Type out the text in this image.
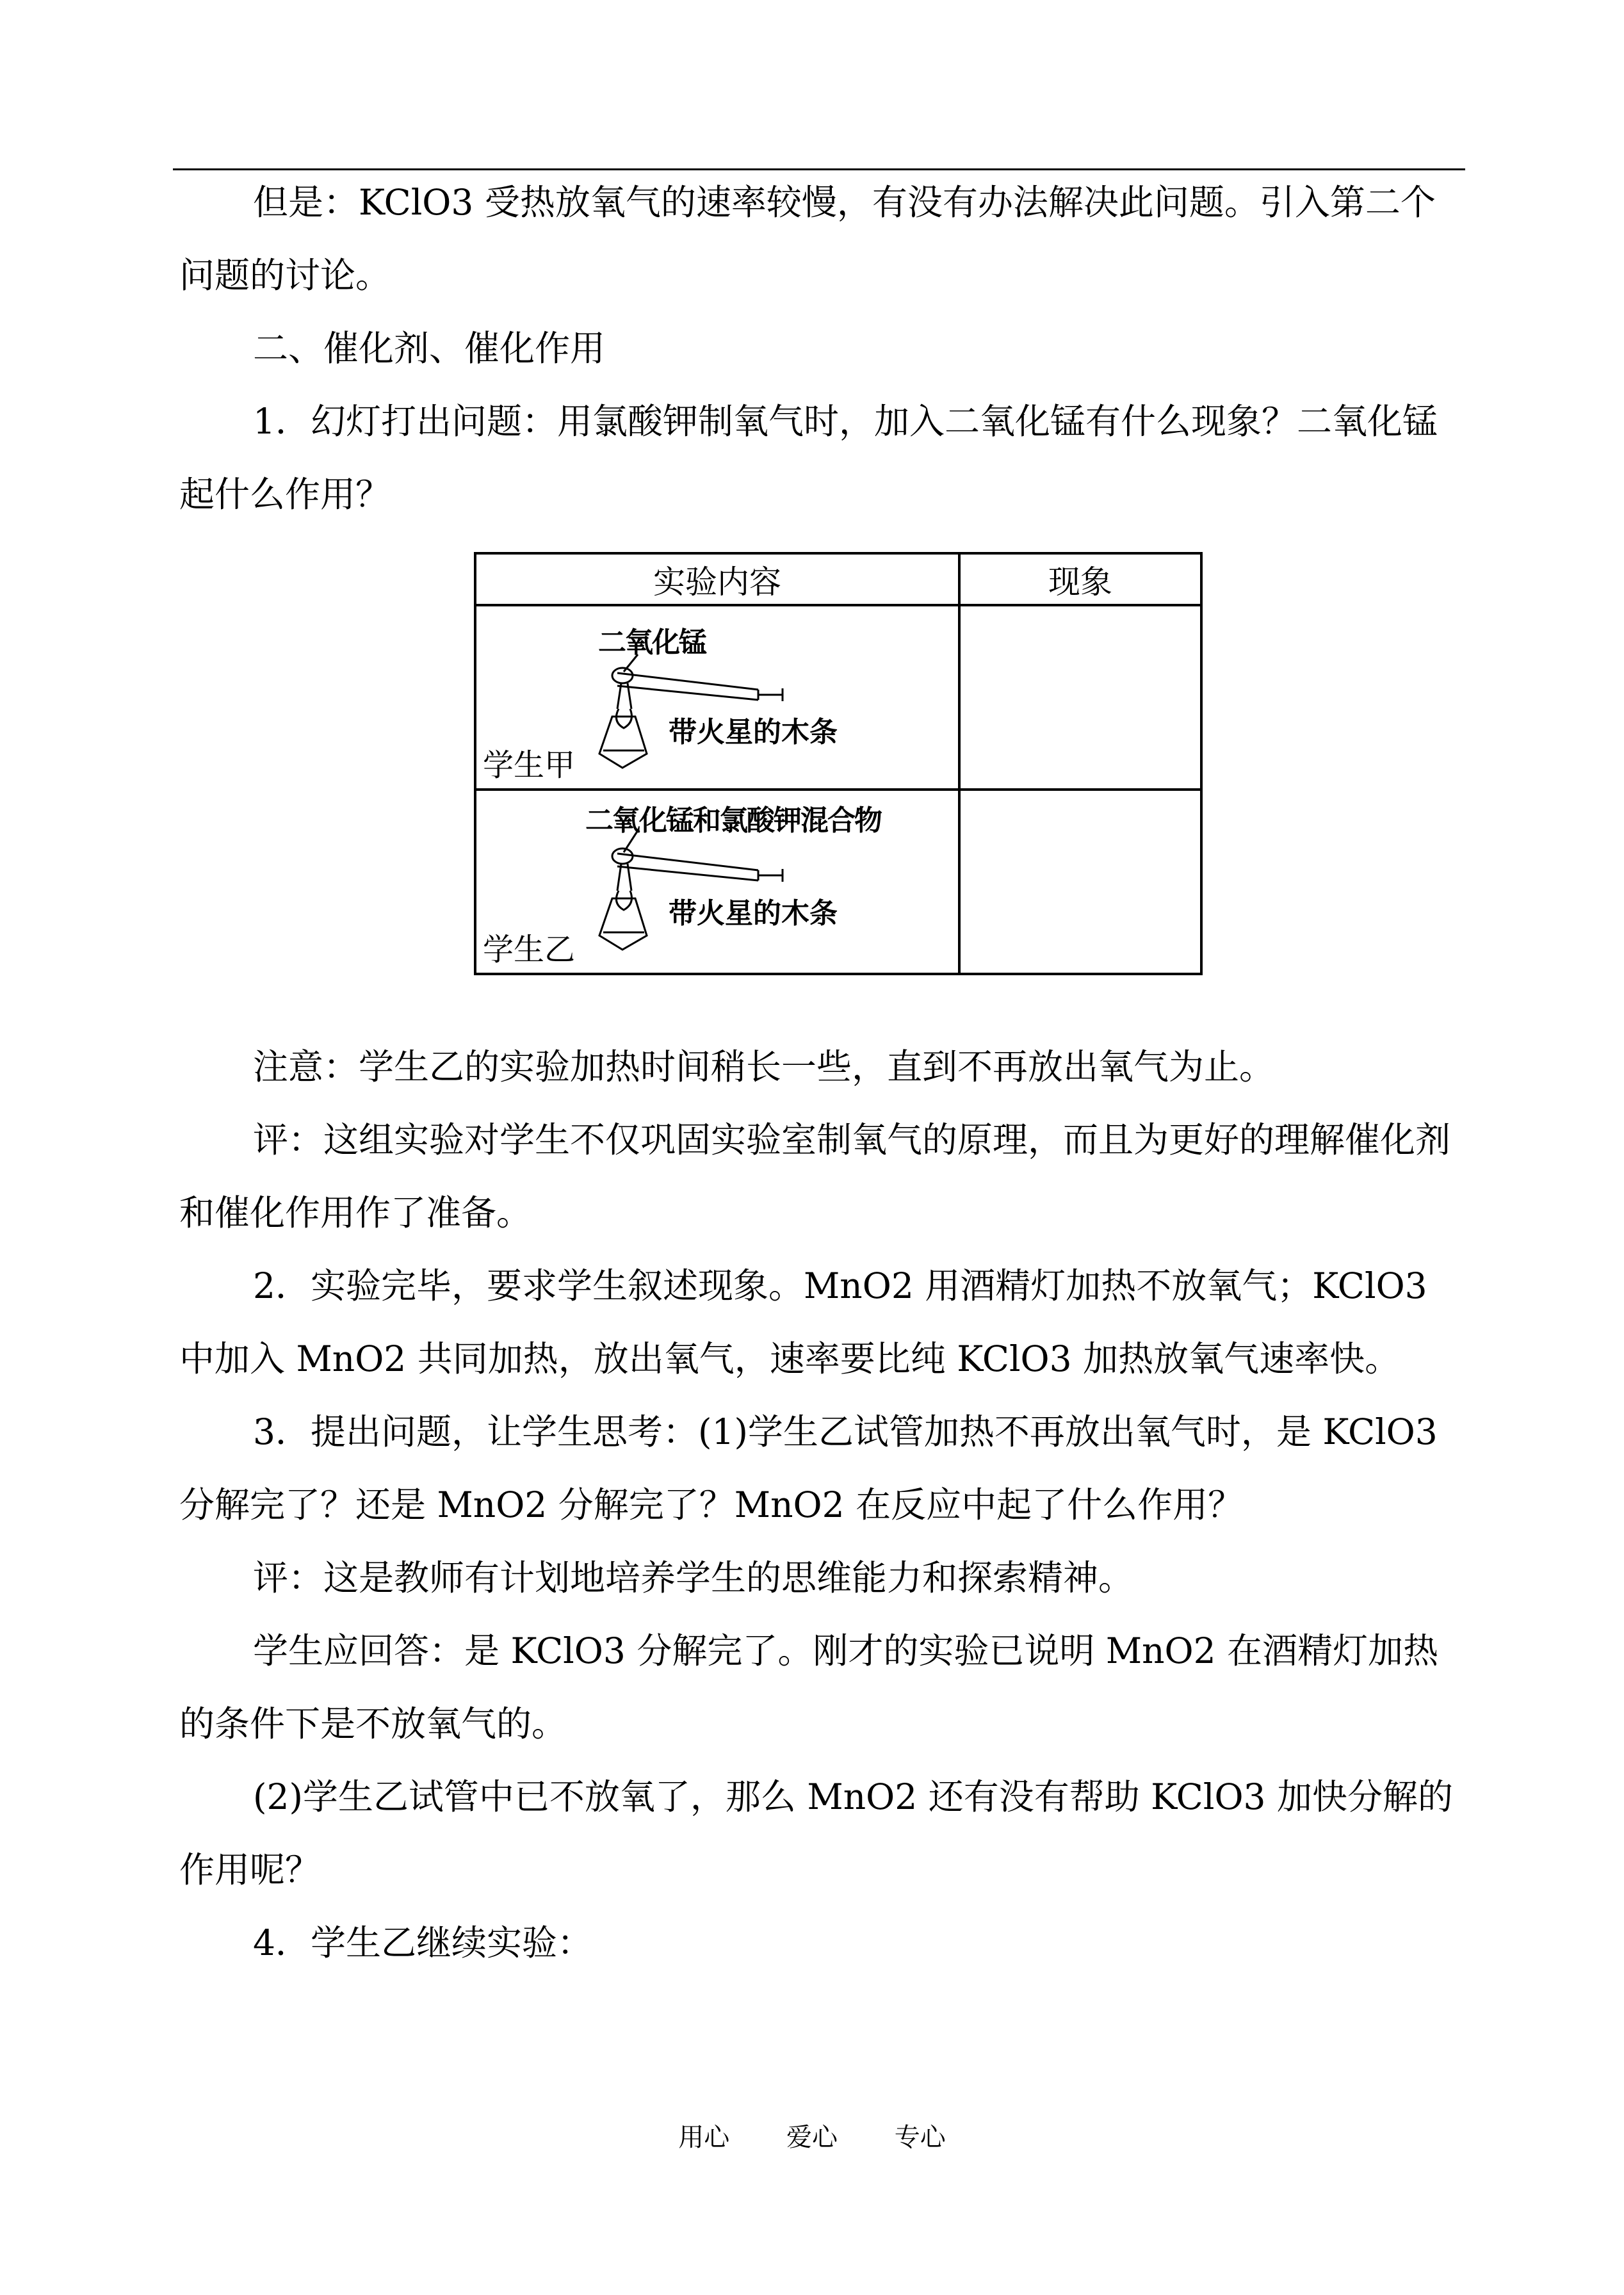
但是：KClO3 受热放氧气的速率较慢，有没有办法解决此问题。引入第二个问题的讨论。

二、催化剂、催化作用

1．幻灯打出问题：用氯酸钾制氧气时，加入二氧化锰有什么现象？二氧化锰起什么作用？

实验内容	现象

二氧化锰
带火星的木条
学生甲	

二氧化锰和氯酸钾混合物
带火星的木条
学生乙	

注意：学生乙的实验加热时间稍长一些，直到不再放出氧气为止。

评：这组实验对学生不仅巩固实验室制氧气的原理，而且为更好的理解催化剂和催化作用作了准备。

2．实验完毕，要求学生叙述现象。MnO2 用酒精灯加热不放氧气；KClO3 中加入 MnO2 共同加热，放出氧气，速率要比纯 KClO3 加热放氧气速率快。

3．提出问题，让学生思考：(1)学生乙试管加热不再放出氧气时，是 KClO3 分解完了？还是 MnO2 分解完了？MnO2 在反应中起了什么作用？

评：这是教师有计划地培养学生的思维能力和探索精神。

学生应回答：是 KClO3 分解完了。刚才的实验已说明 MnO2 在酒精灯加热的条件下是不放氧气的。

(2)学生乙试管中已不放氧了，那么 MnO2 还有没有帮助 KClO3 加快分解的作用呢？

4．学生乙继续实验：

用心 爱心 专心
